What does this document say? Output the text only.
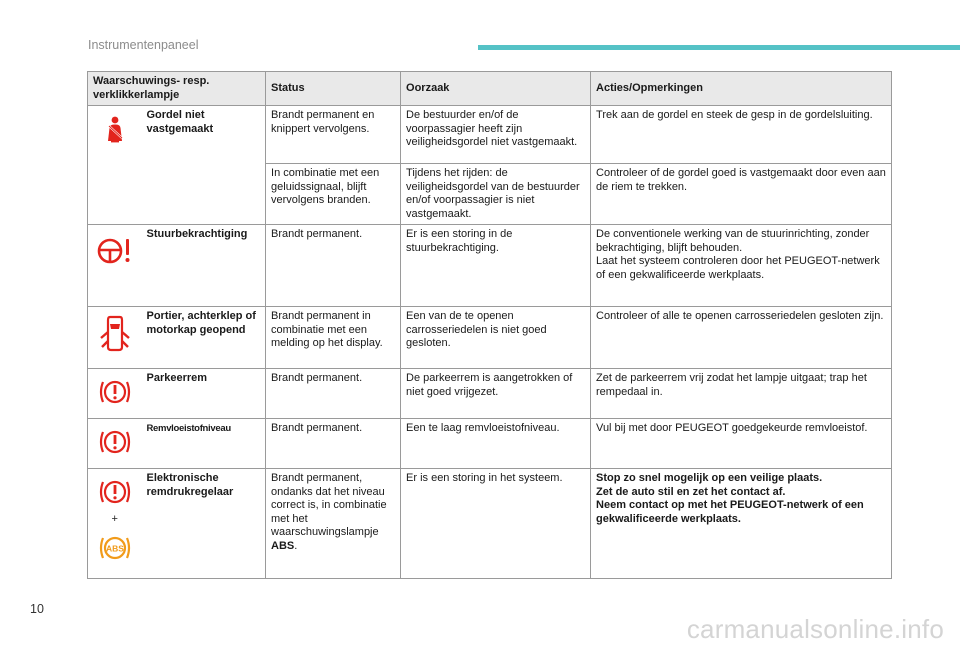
Instrumentenpaneel
Waarschuwings- resp. verklikkerlampje		Status	Oorzaak	Acties/Opmerkingen

	Gordel niet vastgemaakt	Brandt permanent en knippert vervolgens.	De bestuurder en/of de voorpassagier heeft zijn veiligheidsgordel niet vastgemaakt.	Trek aan de gordel en steek de gesp in de gordelsluiting.
		In combinatie met een geluidssignaal, blijft vervolgens branden.	Tijdens het rijden: de veiligheidsgordel van de bestuurder en/of voorpassagier is niet vastgemaakt.	Controleer of de gordel goed is vastgemaakt door even aan de riem te trekken.

	Stuurbekrachtiging	Brandt permanent.	Er is een storing in de stuurbekrachtiging.	De conventionele werking van de stuurinrichting, zonder bekrachtiging, blijft behouden.
Laat het systeem controleren door het PEUGEOT-netwerk of een gekwalificeerde werkplaats.

	Portier, achterklep of motorkap geopend	Brandt permanent in combinatie met een melding op het display.	Een van de te openen carrosseriedelen is niet goed gesloten.	Controleer of alle te openen carrosseriedelen gesloten zijn.

	Parkeerrem	Brandt permanent.	De parkeerrem is aangetrokken of niet goed vrijgezet.	Zet de parkeerrem vrij zodat het lampje uitgaat; trap het rempedaal in.

	Remvloeistofniveau	Brandt permanent.	Een te laag remvloeistofniveau.	Vul bij met door PEUGEOT goedgekeurde remvloeistof.

+
ABS	Elektronische remdrukregelaar	Brandt permanent, ondanks dat het niveau correct is, in combinatie met het waarschuwingslampje ABS.	Er is een storing in het systeem.	Stop zo snel mogelijk op een veilige plaats.
Zet de auto stil en zet het contact af.
Neem contact op met het PEUGEOT-netwerk of een gekwalificeerde werkplaats.
10
carmanualsonline.info
